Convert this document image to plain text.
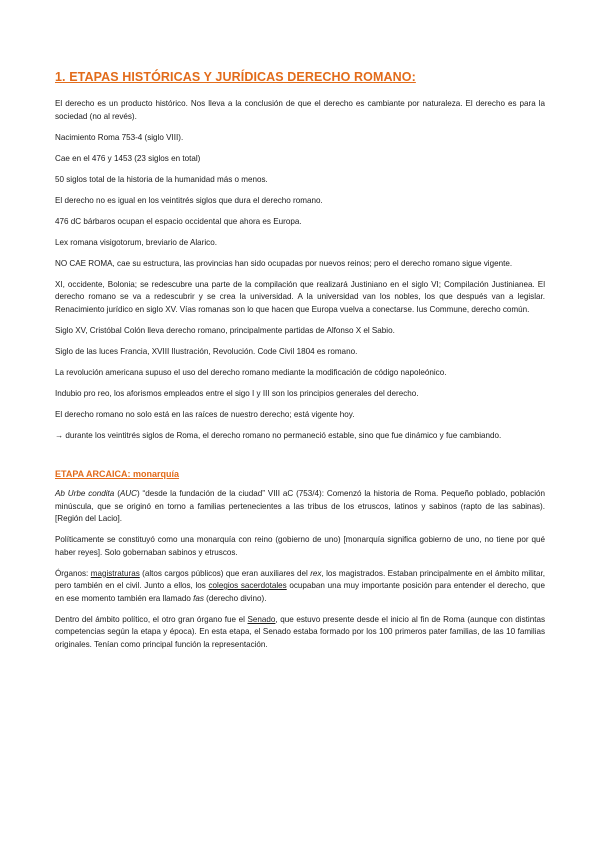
1. ETAPAS HISTÓRICAS Y JURÍDICAS DERECHO ROMANO:

El derecho es un producto histórico. Nos lleva a la conclusión de que el derecho es cambiante por naturaleza. El derecho es para la sociedad (no al revés).

Nacimiento Roma 753-4 (siglo VIII).

Cae en el 476 y 1453 (23 siglos en total)

50 siglos total de la historia de la humanidad más o menos.

El derecho no es igual en los veintitrés siglos que dura el derecho romano.

476 dC bárbaros ocupan el espacio occidental que ahora es Europa.

Lex romana visigotorum, breviario de Alarico.

NO CAE ROMA, cae su estructura, las provincias han sido ocupadas por nuevos reinos; pero el derecho romano sigue vigente.

XI, occidente, Bolonia; se redescubre una parte de la compilación que realizará Justiniano en el siglo VI; Compilación Justinianea. El derecho romano se va a redescubrir y se crea la universidad. A la universidad van los nobles, los que después van a legislar. Renacimiento jurídico en siglo XV. Vías romanas son lo que hacen que Europa vuelva a conectarse. Ius Commune, derecho común.

Siglo XV, Cristóbal Colón lleva derecho romano, principalmente partidas de Alfonso X el Sabio.

Siglo de las luces Francia, XVIII Ilustración, Revolución. Code Civil 1804 es romano.

La revolución americana supuso el uso del derecho romano mediante la modificación de código napoleónico.

Indubio pro reo, los aforismos empleados entre el sigo I y III son los principios generales del derecho.

El derecho romano no solo está en las raíces de nuestro derecho; está vigente hoy.

→ durante los veintitrés siglos de Roma, el derecho romano no permaneció estable, sino que fue dinámico y fue cambiando.

ETAPA ARCAICA: monarquía

Ab Urbe condita (AUC) “desde la fundación de la ciudad” VIII aC (753/4): Comenzó la historia de Roma. Pequeño poblado, población minúscula, que se originó en torno a familias pertenecientes a las tribus de los etruscos, latinos y sabinos (rapto de las sabinas). [Región del Lacio].

Políticamente se constituyó como una monarquía con reino (gobierno de uno) [monarquía significa gobierno de uno, no tiene por qué haber reyes]. Solo gobernaban sabinos y etruscos.

Órganos: magistraturas (altos cargos públicos) que eran auxiliares del rex, los magistrados. Estaban principalmente en el ámbito militar, pero también en el civil. Junto a ellos, los colegios sacerdotales ocupaban una muy importante posición para entender el derecho, que en ese momento también era llamado fas (derecho divino).

Dentro del ámbito político, el otro gran órgano fue el Senado, que estuvo presente desde el inicio al fin de Roma (aunque con distintas competencias según la etapa y época). En esta etapa, el Senado estaba formado por los 100 primeros pater familias, de las 10 familias originales. Tenían como principal función la representación.
